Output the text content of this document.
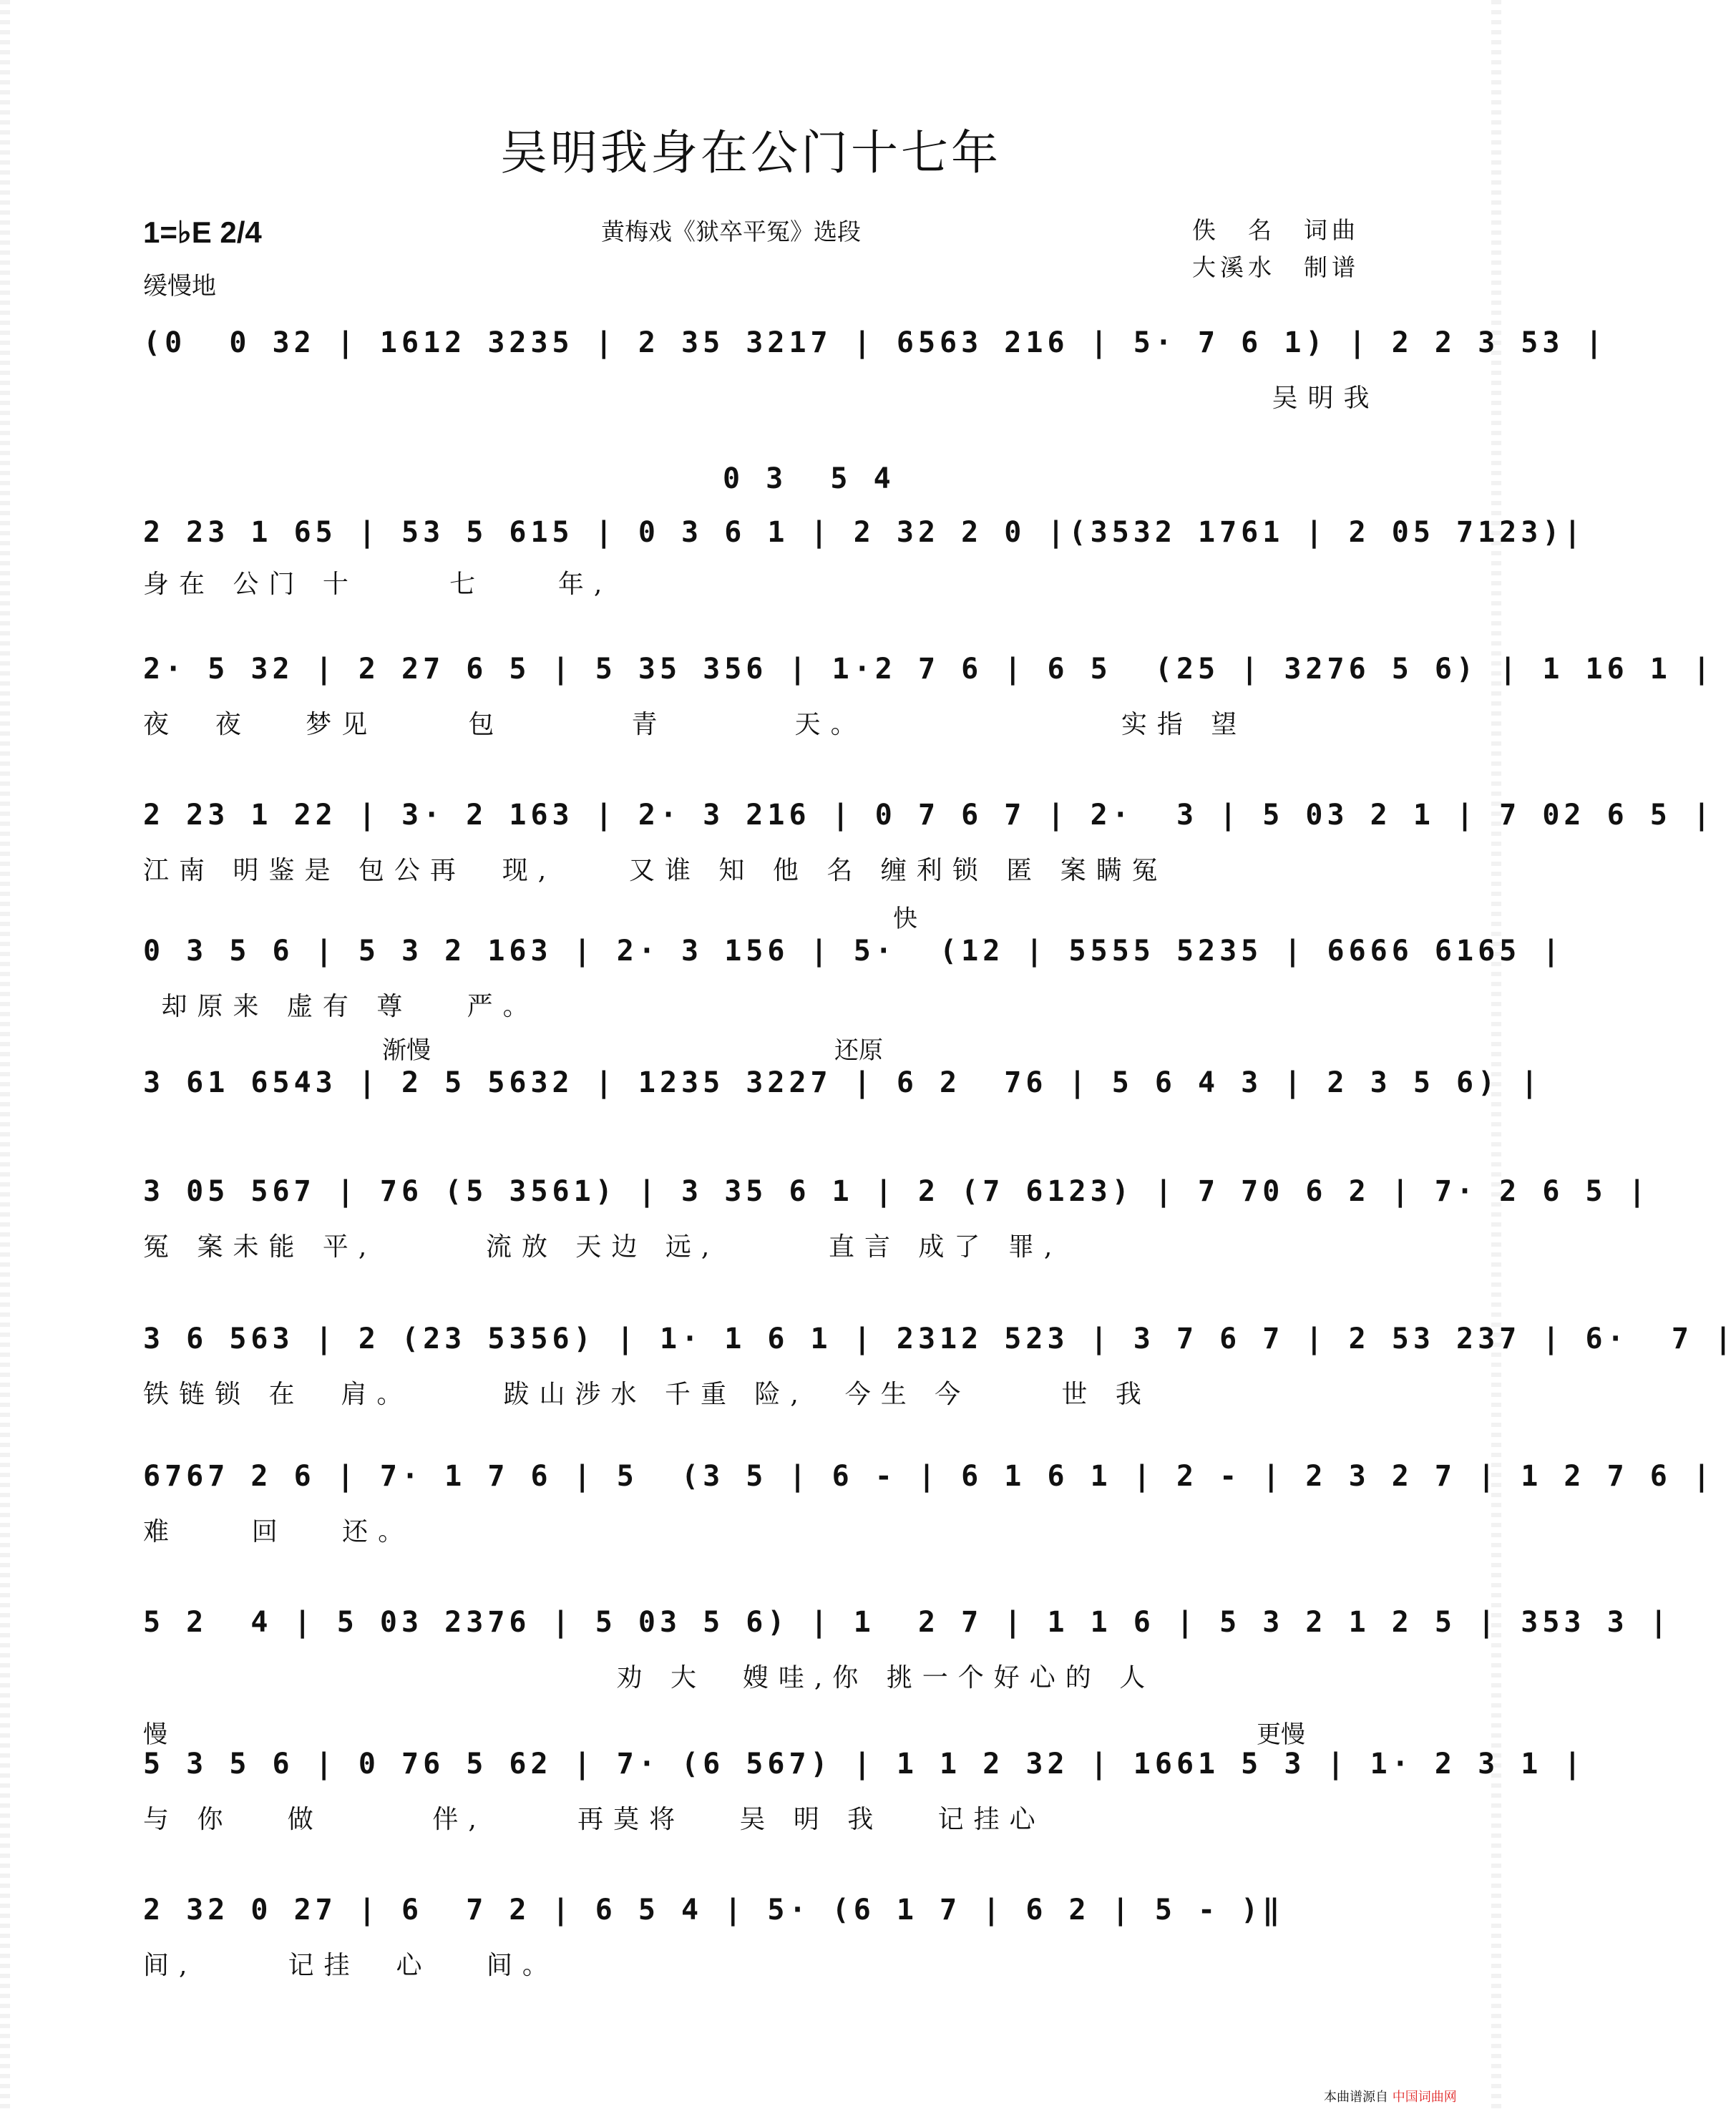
吴明我身在公门十七年
1=♭E 2/4
缓慢地
黄梅戏《狱卒平冤》选段	佚　名　词曲
大溪水　制谱
(0  0 32 | 1612 3235 | 2 35 3217 | 6563 216 | 5· 7 6 1) | 2 2 3 53 |
吴明我
0 3  5 4
2 23 1 65 | 53 5 615 | 0 3 6 1 | 2 32 2 0 |(3532 1761 | 2 05 7123)|
身在 公门 十     七    年,
2· 5 32 | 2 27 6 5 | 5 35 356 | 1·2 7 6 | 6 5  (25 | 3276 5 6) | 1 16 1 |
夜  夜   梦见     包       青       天。              实指 望
2 23 1 22 | 3· 2 163 | 2· 3 216 | 0 7 6 7 | 2·  3 | 5 03 2 1 | 7 02 6 5 |
江南 明鉴是 包公再  现,    又谁 知 他 名 缠利锁 匿 案瞒冤
快
0 3 5 6 | 5 3 2 163 | 2· 3 156 | 5·  (12 | 5555 5235 | 6666 6165 |
却原来 虚有 尊   严。
渐慢	还原
3 61 6543 | 2 5 5632 | 1235 3227 | 6 2  76 | 5 6 4 3 | 2 3 5 6) |
3 05 567 | 76 (5 3561) | 3 35 6 1 | 2 (7 6123) | 7 70 6 2 | 7· 2 6 5 |
冤 案未能 平,      流放 天边 远,      直言 成了 罪,
3 6 563 | 2 (23 5356) | 1· 1 6 1 | 2312 523 | 3 7 6 7 | 2 53 237 | 6·  7 |
铁链锁 在  肩。     跋山涉水 千重 险,  今生 今     世 我
6767 2 6 | 7· 1 7 6 | 5  (3 5 | 6 - | 6 1 6 1 | 2 - | 2 3 2 7 | 1 2 7 6 |
难    回   还。
5 2  4 | 5 03 2376 | 5 03 5 6) | 1  2 7 | 1 1 6 | 5 3 2 1 2 5 | 353 3 |
劝 大  嫂哇,你 挑一个好心的 人
慢	更慢
5 3 5 6 | 0 76 5 62 | 7· (6 567) | 1 1 2 32 | 1661 5 3 | 1· 2 3 1 |
与 你   做      伴,     再莫将   吴 明 我   记挂心
2 32 0 27 | 6  7 2 | 6 5 4 | 5· (6 1 7 | 6 2 | 5 - )‖
间,     记挂  心   间。
本曲谱源自 中国词曲网
